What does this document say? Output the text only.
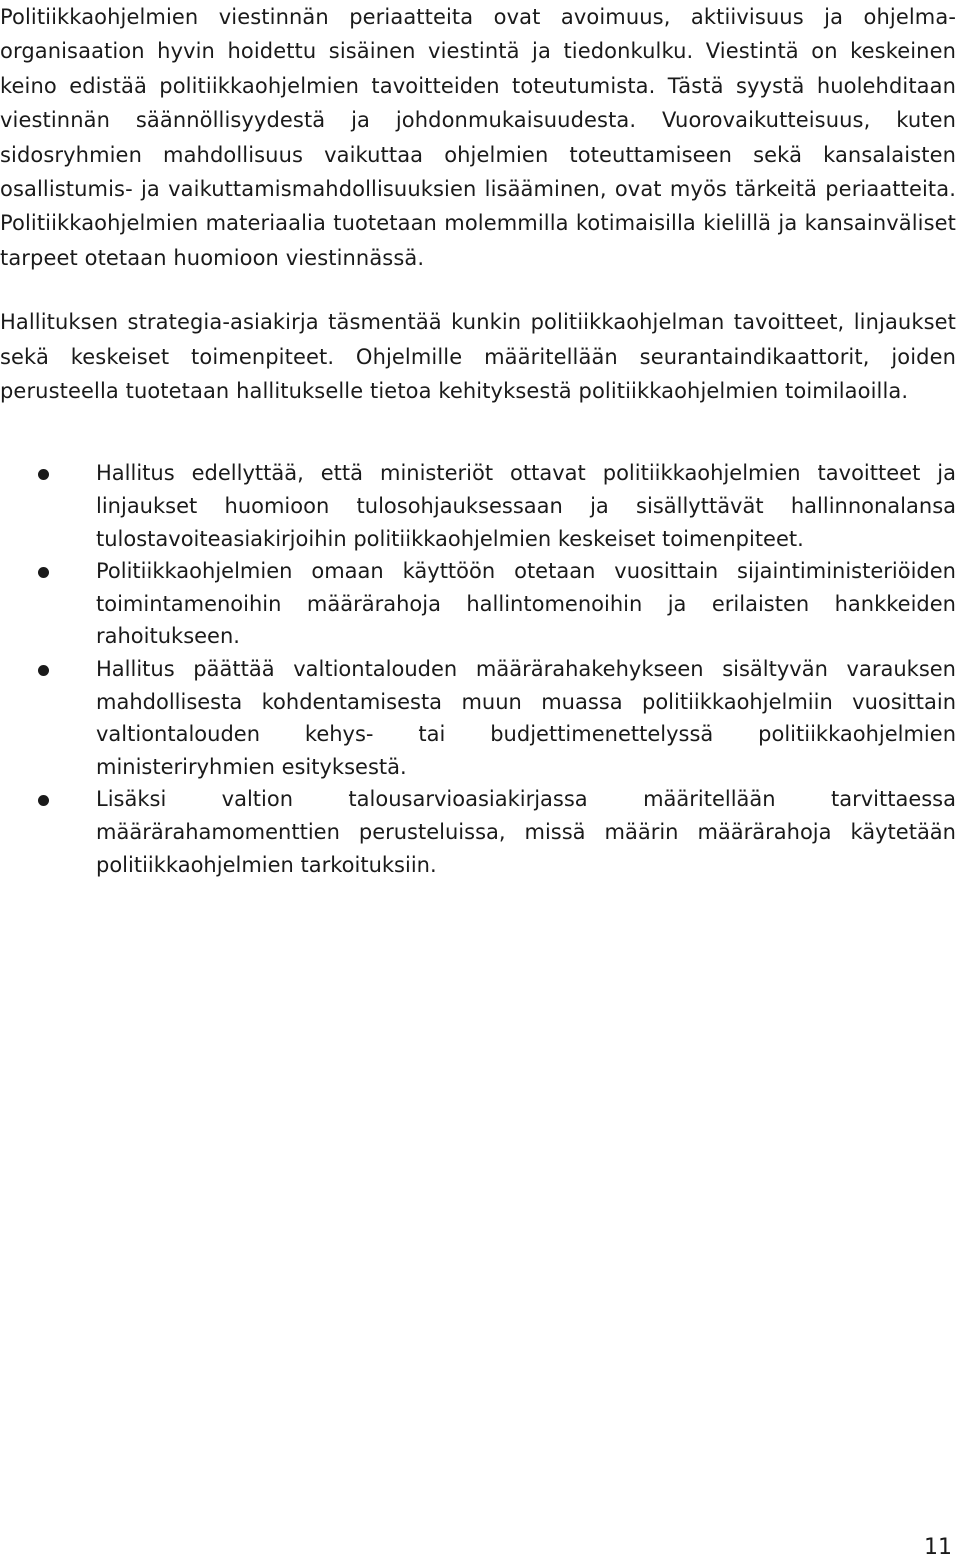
Politiikkaohjelmien viestinnän periaatteita ovat avoimuus, aktiivisuus ja ohjelma-organisaation hyvin hoidettu sisäinen viestintä ja tiedonkulku. Viestintä on keskeinen keino edistää politiikkaohjelmien tavoitteiden toteutumista. Tästä syystä huolehditaan viestinnän säännöllisyydestä ja johdonmukaisuudesta. Vuorovaikutteisuus, kuten sidosryhmien mahdollisuus vaikuttaa ohjelmien toteuttamiseen sekä kansalaisten osallistumis- ja vaikuttamismahdollisuuksien lisääminen, ovat myös tärkeitä periaatteita. Politiikkaohjelmien materiaalia tuotetaan molemmilla kotimaisilla kielillä ja kansainväliset tarpeet otetaan huomioon viestinnässä.

Hallituksen strategia-asiakirja täsmentää kunkin politiikkaohjelman tavoitteet, linjaukset sekä keskeiset toimenpiteet. Ohjelmille määritellään seurantaindikaattorit, joiden perusteella tuotetaan hallitukselle tietoa kehityksestä politiikkaohjelmien toimilaoilla.

Hallitus edellyttää, että ministeriöt ottavat politiikkaohjelmien tavoitteet ja linjaukset huomioon tulosohjauksessaan ja sisällyttävät hallinnonalansa tulostavoiteasiakirjoihin politiikkaohjelmien keskeiset toimenpiteet.
Politiikkaohjelmien omaan käyttöön otetaan vuosittain sijaintiministeriöiden toimintamenoihin määrärahoja hallintomenoihin ja erilaisten hankkeiden rahoitukseen.
Hallitus päättää valtiontalouden määrärahakehykseen sisältyvän varauksen mahdollisesta kohdentamisesta muun muassa politiikkaohjelmiin vuosittain valtiontalouden kehys- tai budjettimenettelyssä politiikkaohjelmien ministeriryhmien esityksestä.
Lisäksi valtion talousarvioasiakirjassa määritellään tarvittaessa määrärahamomenttien perusteluissa, missä määrin määrärahoja käytetään politiikkaohjelmien tarkoituksiin.
11
